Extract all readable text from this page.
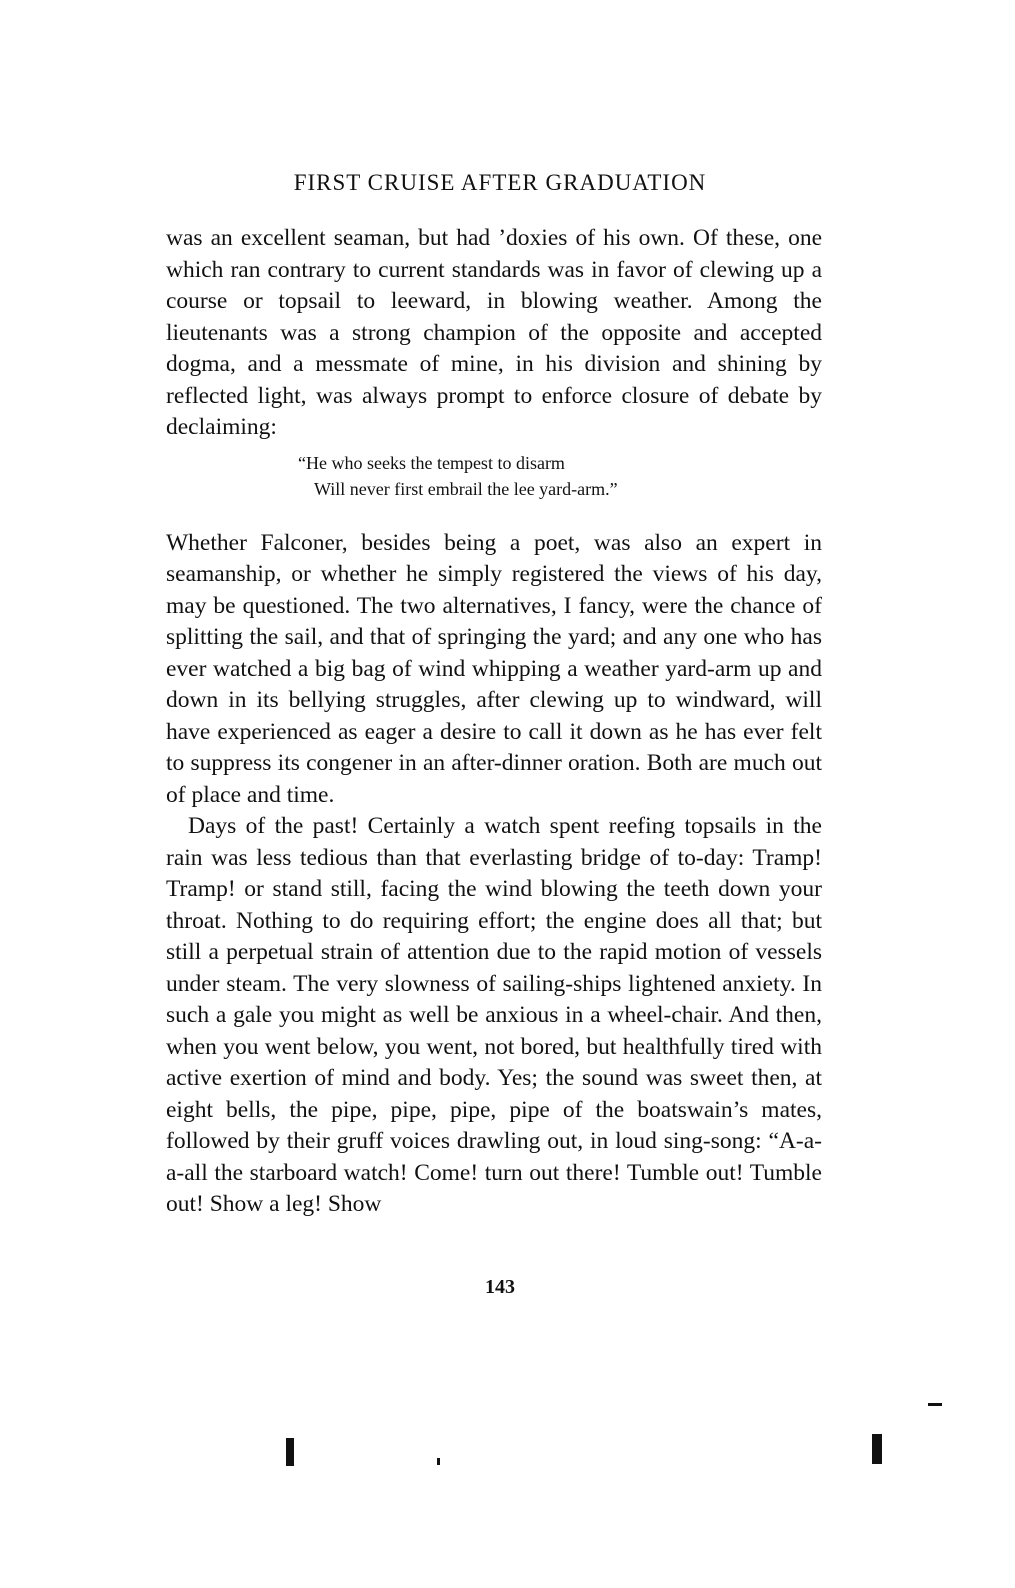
FIRST CRUISE AFTER GRADUATION

was an excellent seaman, but had ’doxies of his own. Of these, one which ran contrary to current standards was in favor of clewing up a course or topsail to leeward, in blowing weather. Among the lieutenants was a strong champion of the opposite and accepted dogma, and a messmate of mine, in his division and shining by reflected light, was always prompt to enforce closure of debate by declaiming:

“He who seeks the tempest to disarm
Will never first embrail the lee yard-arm.”

Whether Falconer, besides being a poet, was also an expert in seamanship, or whether he simply registered the views of his day, may be questioned. The two alternatives, I fancy, were the chance of splitting the sail, and that of springing the yard; and any one who has ever watched a big bag of wind whipping a weather yard-arm up and down in its bellying struggles, after clewing up to windward, will have experienced as eager a desire to call it down as he has ever felt to suppress its congener in an after-dinner oration. Both are much out of place and time.

Days of the past! Certainly a watch spent reefing topsails in the rain was less tedious than that everlasting bridge of to-day: Tramp! Tramp! or stand still, facing the wind blowing the teeth down your throat. Nothing to do requiring effort; the engine does all that; but still a perpetual strain of attention due to the rapid motion of vessels under steam. The very slowness of sailing-ships lightened anxiety. In such a gale you might as well be anxious in a wheel-chair. And then, when you went below, you went, not bored, but healthfully tired with active exertion of mind and body. Yes; the sound was sweet then, at eight bells, the pipe, pipe, pipe, pipe of the boatswain’s mates, followed by their gruff voices drawling out, in loud sing-song: “A-a-a-all the starboard watch! Come! turn out there! Tumble out! Tumble out! Show a leg! Show

143
